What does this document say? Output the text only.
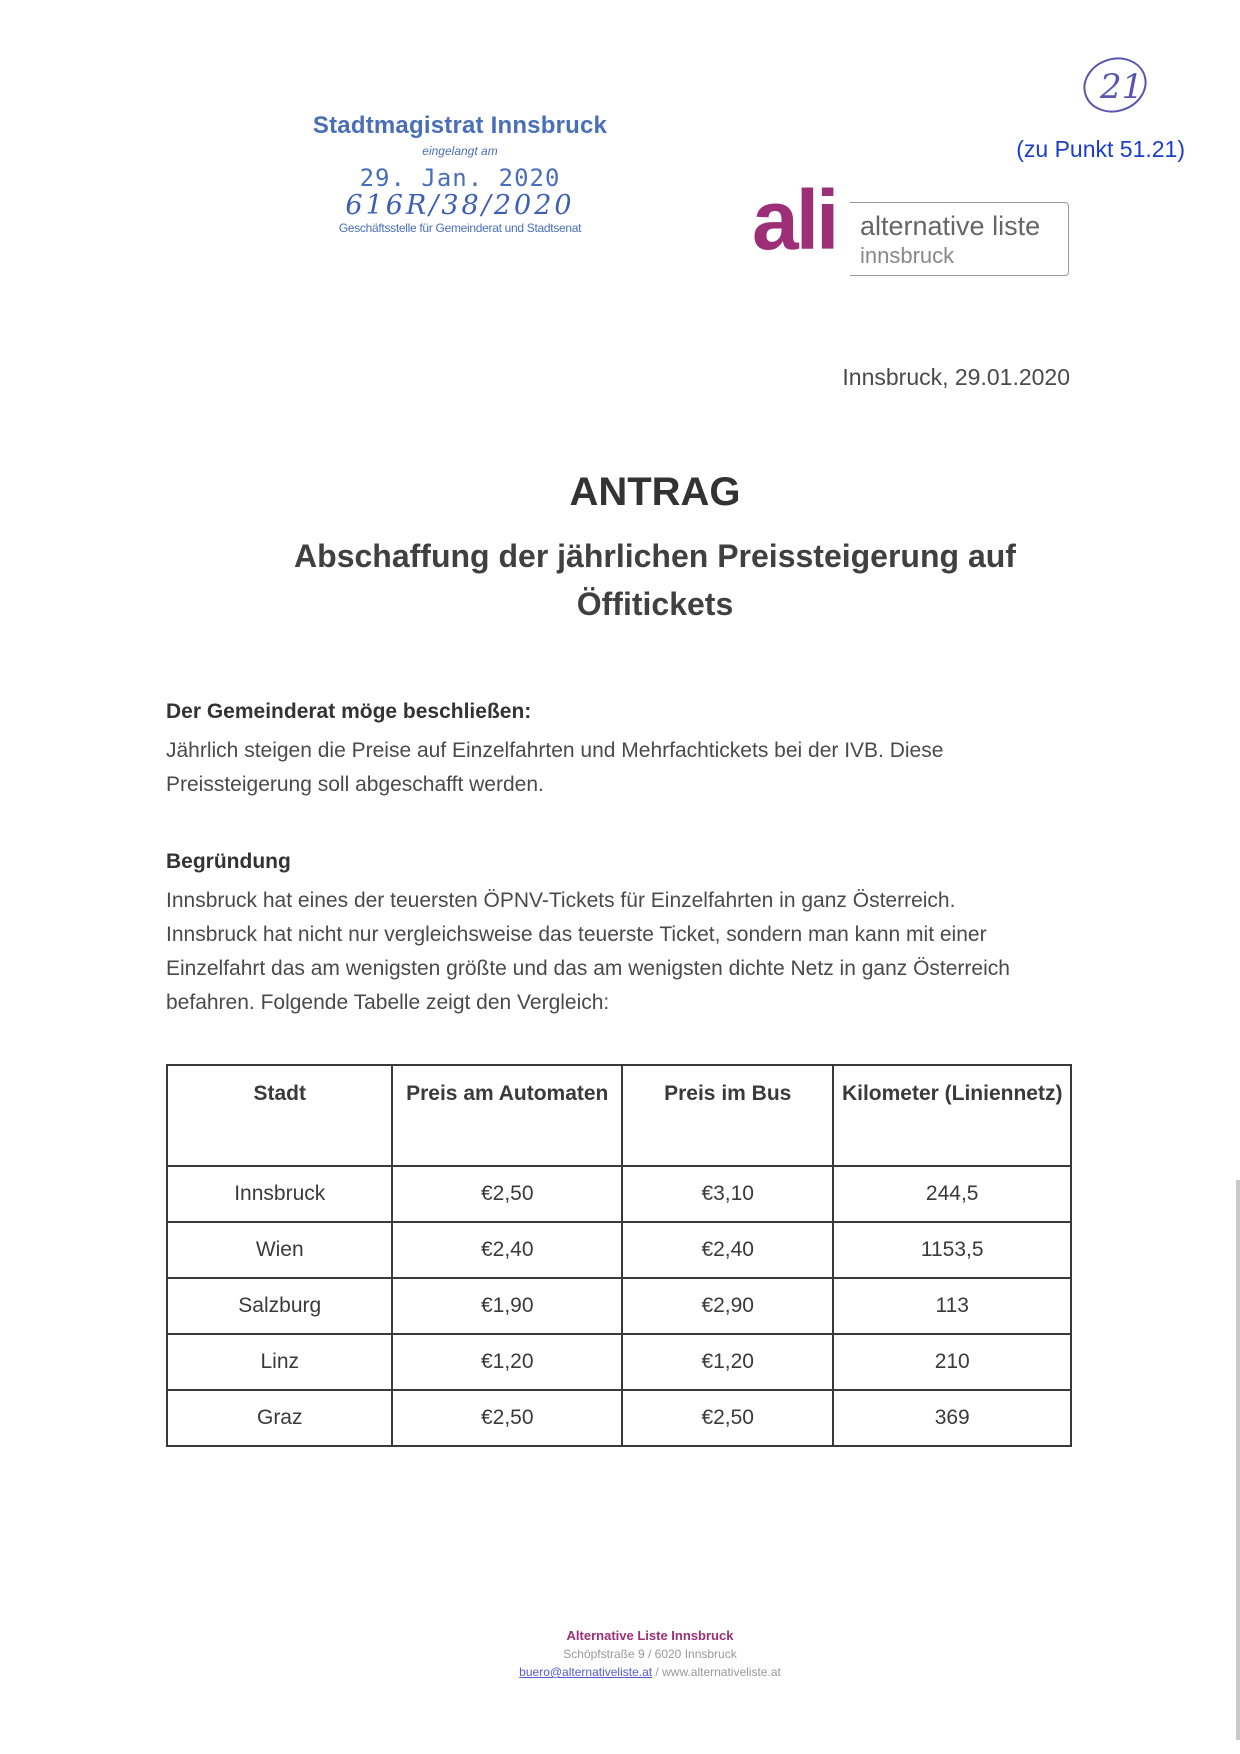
21
(zu Punkt 51.21)
Stadtmagistrat Innsbruck
eingelangt am
29. Jan. 2020
616R/38/2020
Geschäftsstelle für Gemeinderat und Stadtsenat	ali alternative liste
innsbruck
Innsbruck, 29.01.2020
ANTRAG
Abschaffung der jährlichen Preissteigerung auf Öffitickets
Der Gemeinderat möge beschließen:
Jährlich steigen die Preise auf Einzelfahrten und Mehrfachtickets bei der IVB. Diese Preissteigerung soll abgeschafft werden.
Begründung
Innsbruck hat eines der teuersten ÖPNV-Tickets für Einzelfahrten in ganz Österreich. Innsbruck hat nicht nur vergleichsweise das teuerste Ticket, sondern man kann mit einer Einzelfahrt das am wenigsten größte und das am wenigsten dichte Netz in ganz Österreich befahren. Folgende Tabelle zeigt den Vergleich:
Stadt	Preis am Automaten	Preis im Bus	Kilometer (Liniennetz)
Innsbruck	€2,50	€3,10	244,5
Wien	€2,40	€2,40	1153,5
Salzburg	€1,90	€2,90	113
Linz	€1,20	€1,20	210
Graz	€2,50	€2,50	369
Alternative Liste Innsbruck
Schöpfstraße 9 / 6020 Innsbruck
buero@alternativeliste.at / www.alternativeliste.at
